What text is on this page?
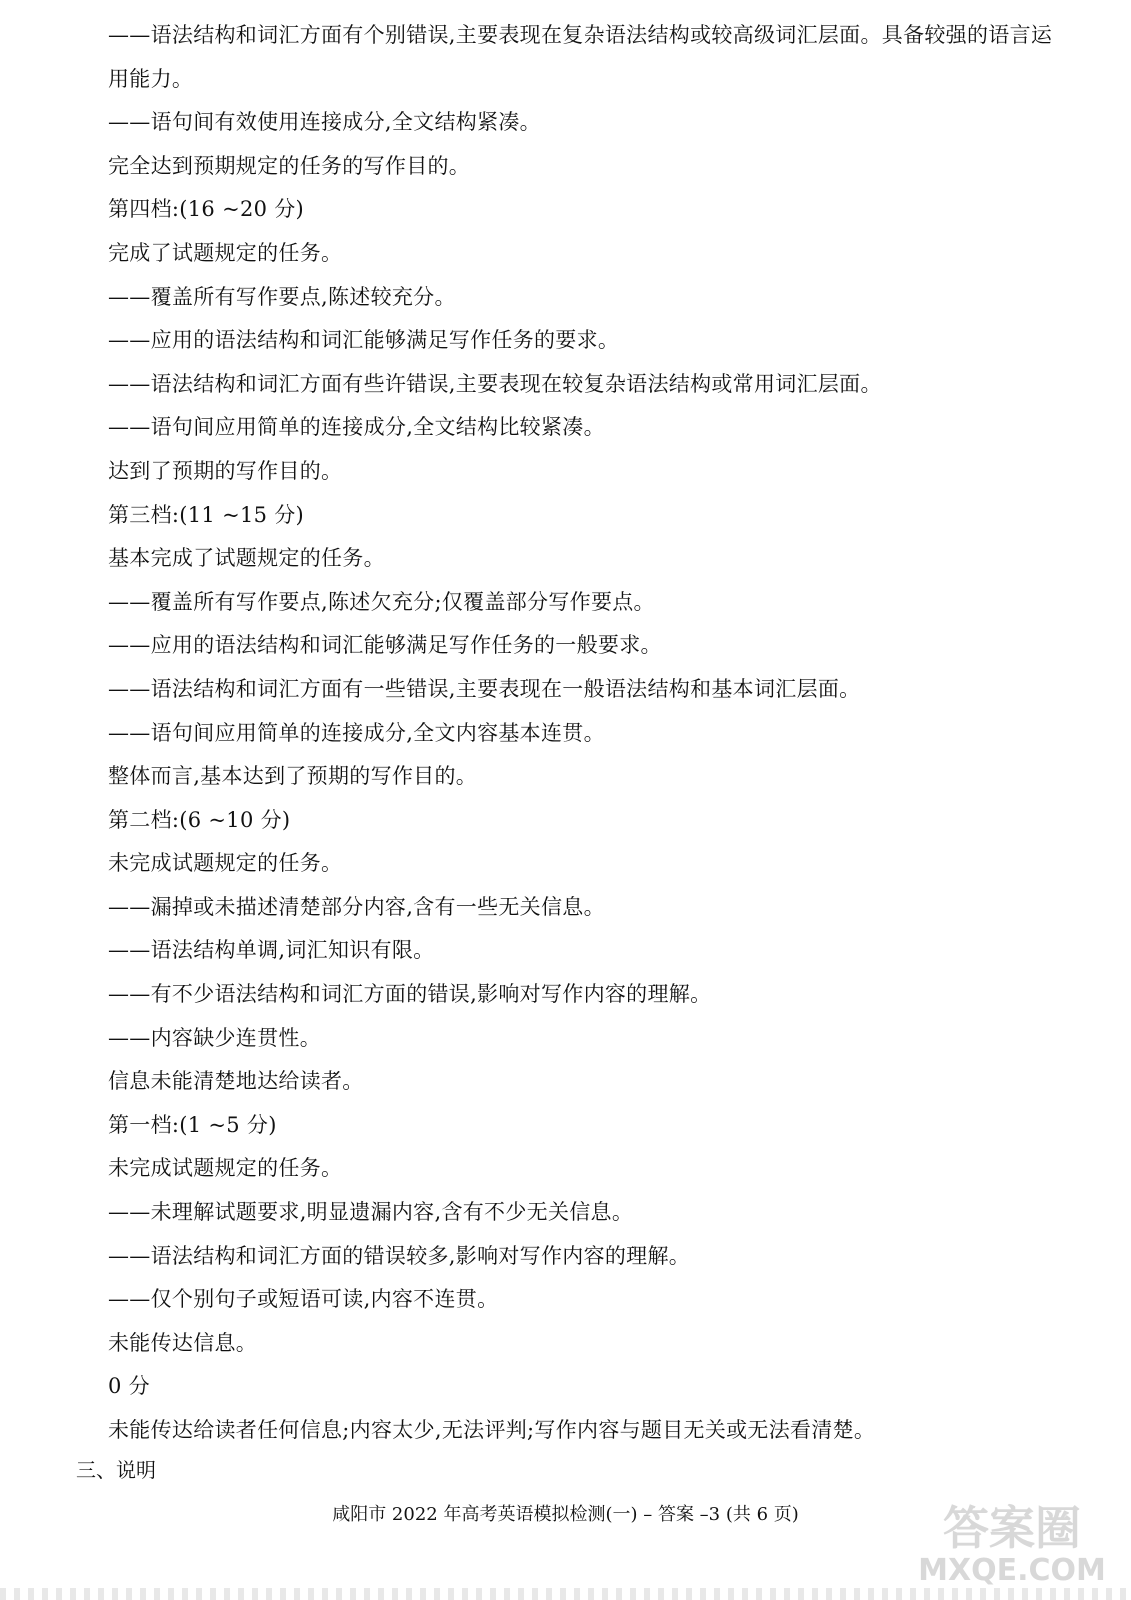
——语法结构和词汇方面有个别错误,主要表现在复杂语法结构或较高级词汇层面。具备较强的语言运用能力。
——语句间有效使用连接成分,全文结构紧凑。
完全达到预期规定的任务的写作目的。
第四档:(16 ~20 分)
完成了试题规定的任务。
——覆盖所有写作要点,陈述较充分。
——应用的语法结构和词汇能够满足写作任务的要求。
——语法结构和词汇方面有些许错误,主要表现在较复杂语法结构或常用词汇层面。
——语句间应用简单的连接成分,全文结构比较紧凑。
达到了预期的写作目的。
第三档:(11 ~15 分)
基本完成了试题规定的任务。
——覆盖所有写作要点,陈述欠充分;仅覆盖部分写作要点。
——应用的语法结构和词汇能够满足写作任务的一般要求。
——语法结构和词汇方面有一些错误,主要表现在一般语法结构和基本词汇层面。
——语句间应用简单的连接成分,全文内容基本连贯。
整体而言,基本达到了预期的写作目的。
第二档:(6 ~10 分)
未完成试题规定的任务。
——漏掉或未描述清楚部分内容,含有一些无关信息。
——语法结构单调,词汇知识有限。
——有不少语法结构和词汇方面的错误,影响对写作内容的理解。
——内容缺少连贯性。
信息未能清楚地达给读者。
第一档:(1 ~5 分)
未完成试题规定的任务。
——未理解试题要求,明显遗漏内容,含有不少无关信息。
——语法结构和词汇方面的错误较多,影响对写作内容的理解。
——仅个别句子或短语可读,内容不连贯。
未能传达信息。
0 分
未能传达给读者任何信息;内容太少,无法评判;写作内容与题目无关或无法看清楚。
三、说明
咸阳市 2022 年高考英语模拟检测(一) – 答案 –3 (共 6 页)	答案圈
MXQE.COM
